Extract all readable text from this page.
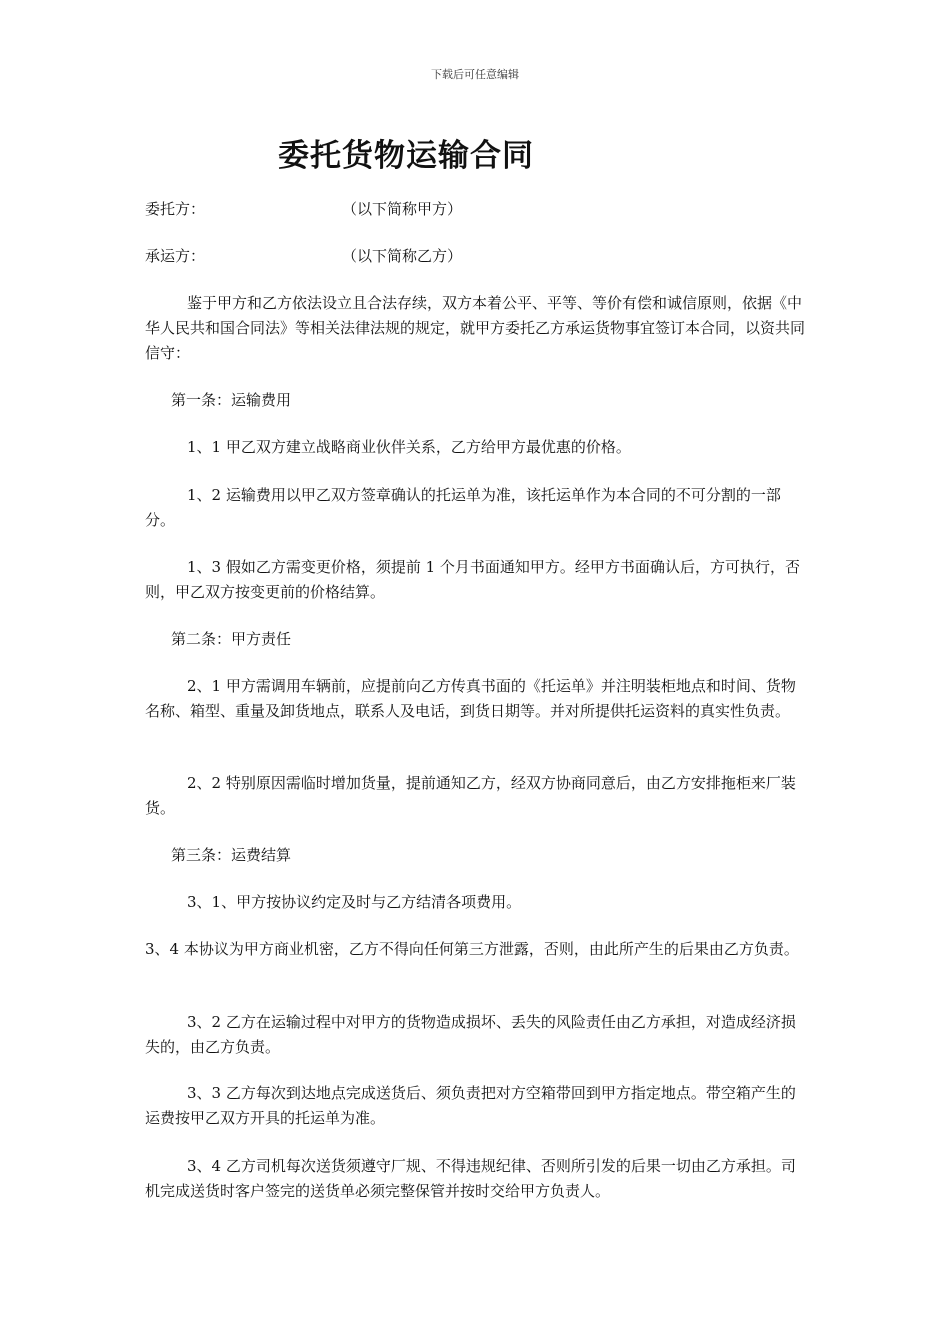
下载后可任意编辑
委托货物运输合同
委托方：	（以下简称甲方）
承运方：	（以下简称乙方）

鉴于甲方和乙方依法设立且合法存续，双方本着公平、平等、等价有偿和诚信原则，依据《中华人民共和国合同法》等相关法律法规的规定，就甲方委托乙方承运货物事宜签订本合同，以资共同信守：

第一条：运输费用

1、1 甲乙双方建立战略商业伙伴关系，乙方给甲方最优惠的价格。

1、2 运输费用以甲乙双方签章确认的托运单为准，该托运单作为本合同的不可分割的一部分。

1、3 假如乙方需变更价格，须提前 1 个月书面通知甲方。经甲方书面确认后，方可执行，否则，甲乙双方按变更前的价格结算。

第二条：甲方责任

2、1 甲方需调用车辆前，应提前向乙方传真书面的《托运单》并注明装柜地点和时间、货物名称、箱型、重量及卸货地点，联系人及电话，到货日期等。并对所提供托运资料的真实性负责。

2、2 特别原因需临时增加货量，提前通知乙方，经双方协商同意后，由乙方安排拖柜来厂装货。

第三条：运费结算

3、1、甲方按协议约定及时与乙方结清各项费用。

3、4 本协议为甲方商业机密，乙方不得向任何第三方泄露，否则，由此所产生的后果由乙方负责。

3、2 乙方在运输过程中对甲方的货物造成损坏、丢失的风险责任由乙方承担，对造成经济损失的，由乙方负责。

3、3 乙方每次到达地点完成送货后、须负责把对方空箱带回到甲方指定地点。带空箱产生的运费按甲乙双方开具的托运单为准。

3、4 乙方司机每次送货须遵守厂规、不得违规纪律、否则所引发的后果一切由乙方承担。司机完成送货时客户签完的送货单必须完整保管并按时交给甲方负责人。
